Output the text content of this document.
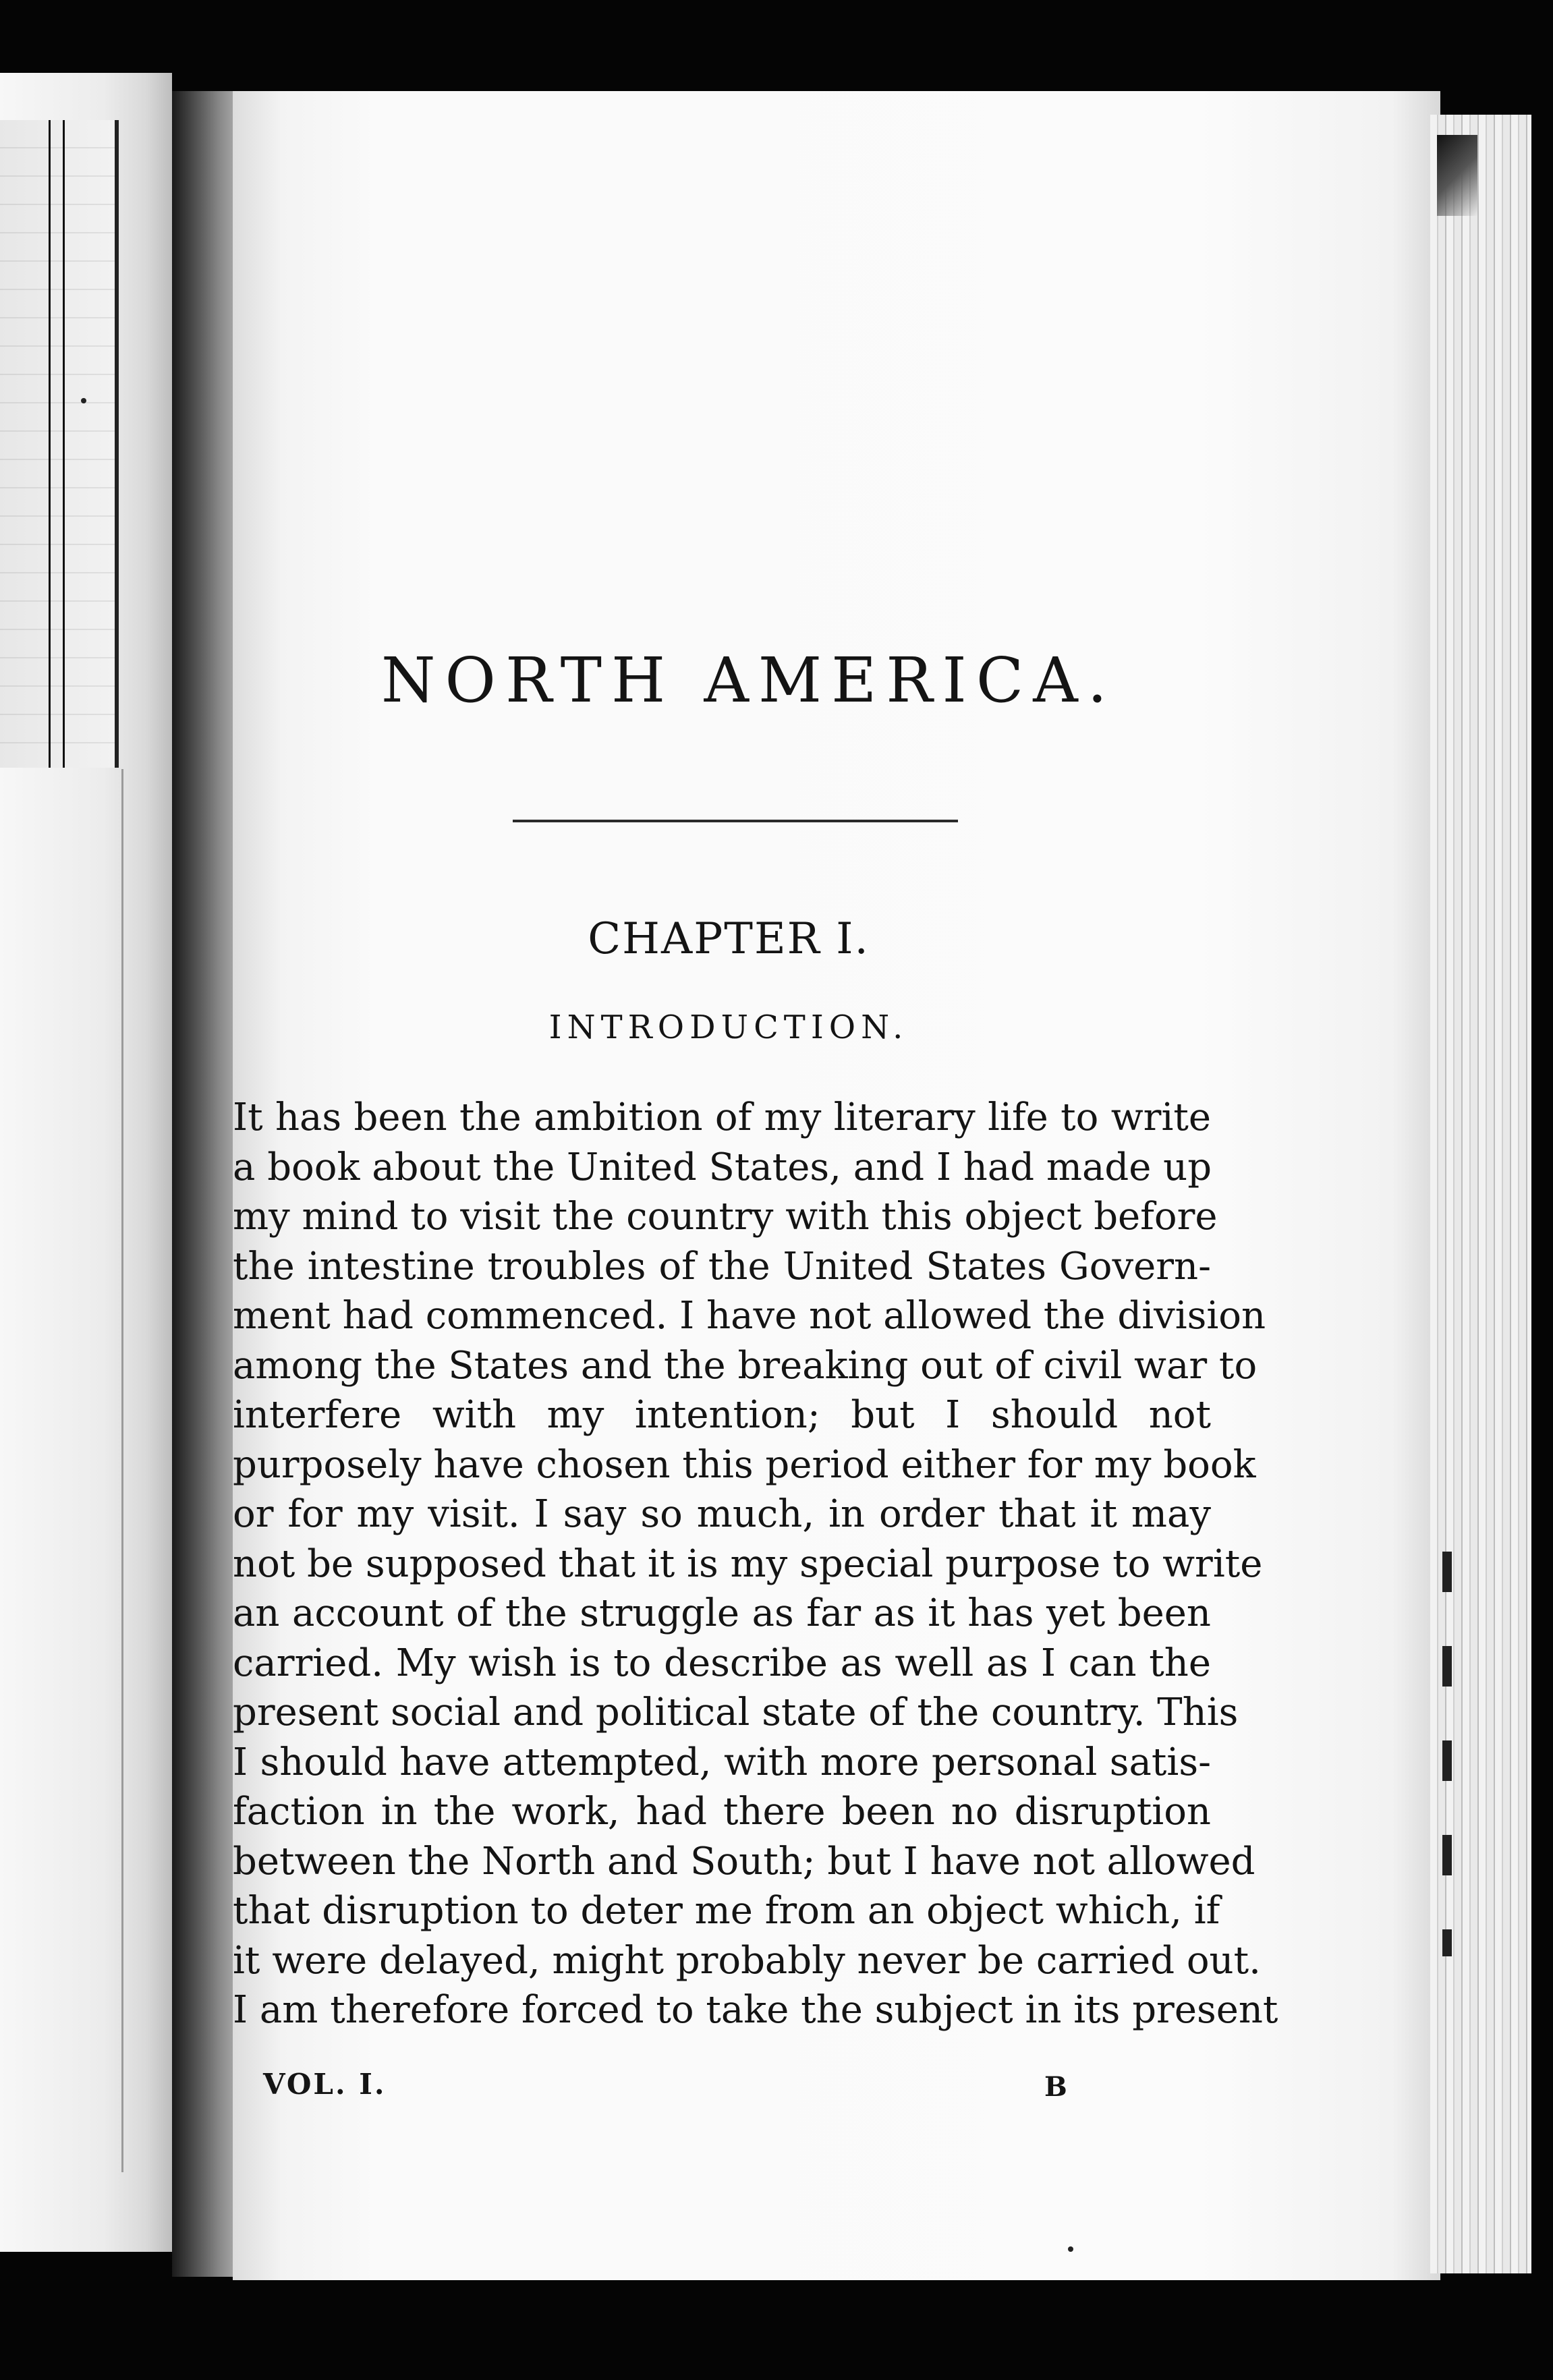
NORTH AMERICA.
CHAPTER I.
INTRODUCTION.
It has been the ambition of my literary life to write
a book about the United States, and I had made up
my mind to visit the country with this object before
the intestine troubles of the United States Govern-
ment had commenced. I have not allowed the division
among the States and the breaking out of civil war to
interfere with my intention; but I should not
purposely have chosen this period either for my book
or for my visit. I say so much, in order that it may
not be supposed that it is my special purpose to write
an account of the struggle as far as it has yet been
carried. My wish is to describe as well as I can the
present social and political state of the country. This
I should have attempted, with more personal satis-
faction in the work, had there been no disruption
between the North and South; but I have not allowed
that disruption to deter me from an object which, if
it were delayed, might probably never be carried out.
I am therefore forced to take the subject in its present
VOL. I.	B
